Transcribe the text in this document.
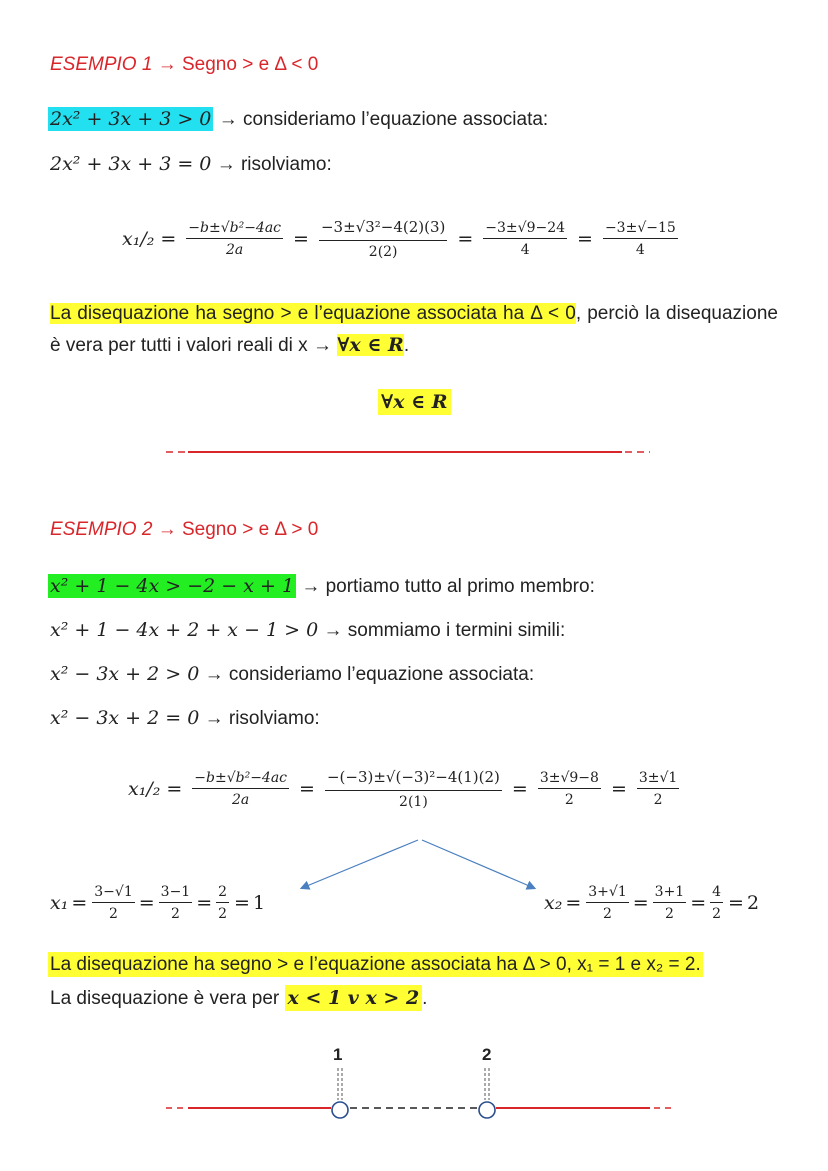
ESEMPIO 1 → Segno > e Δ < 0
2x² + 3x + 3 > 0 → consideriamo l’equazione associata:
2x² + 3x + 3 = 0 → risolviamo:
$x_1/_2 = \frac{\text{−b±√b²−4ac}}{2a} = \frac{\text{−3±√3²−4(2)(3)}}{2(2)} = \frac{-3\pm√9-24}{4} = \frac{-3\pm√-15}{4}$
La disequazione ha segno > e l’equazione associata ha Δ < 0, perciò la disequazione è vera per tutti i valori reali di x → ∀x ∈ R.
∀x ∈ R
ESEMPIO 2 → Segno > e Δ > 0
x² + 1 − 4x > −2 − x + 1 → portiamo tutto al primo membro:
x² + 1 − 4x + 2 + x − 1 > 0 → sommiamo i termini simili:
x² − 3x + 2 > 0 → consideriamo l’equazione associata:
x² − 3x + 2 = 0 → risolviamo:
$x_1/_2 = \frac{\text{−b±√b²−4ac}}{2a} = \frac{\text{−(−3)±√(−3)²−4(1)(2)}}{2(1)} = \frac{3\pm√9-8}{2} = \frac{3\pm√1}{2}$
$x_1 = \frac{3-√1}{2} = \frac{3-1}{2} = \frac{2}{2} = 1$	$x_2 = \frac{3+√1}{2} = \frac{3+1}{2} = \frac{4}{2} = 2$
La disequazione ha segno > e l’equazione associata ha Δ > 0, x₁ = 1 e x₂ = 2.
La disequazione è vera per x < 1 v x > 2 .
1	2
